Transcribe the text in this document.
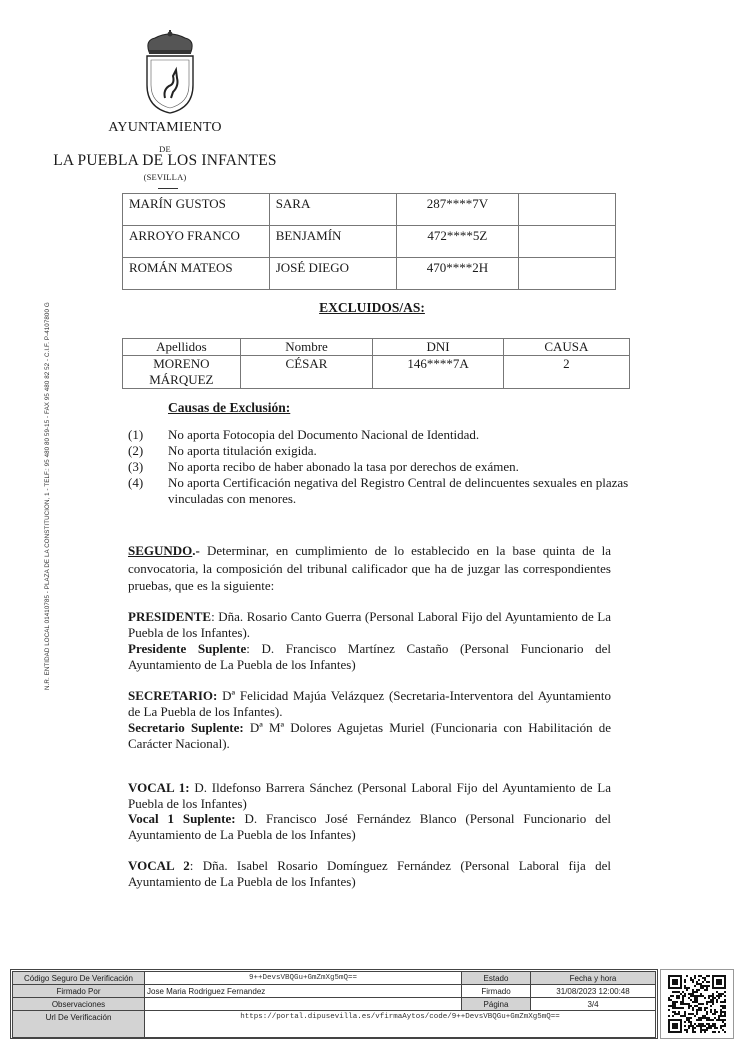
AYUNTAMIENTO
DE
LA PUEBLA DE LOS INFANTES
(SEVILLA)
N.R. ENTIDAD LOCAL 01410785 - PLAZA DE LA CONSTITUCION, 1 - TELF.: 95 480 80 59-15 - FAX 95 480 82 52 - C.I.F. P-4107800 G
MARÍN GUSTOS	SARA	287****7V	
ARROYO FRANCO	BENJAMÍN	472****5Z	
ROMÁN MATEOS	JOSÉ DIEGO	470****2H	
EXCLUIDOS/AS:
Apellidos	Nombre	DNI	CAUSA
MORENO MÁRQUEZ	CÉSAR	146****7A	2
Causas de Exclusión:
(1) No aporta Fotocopia del Documento Nacional de Identidad.
(2) No aporta titulación exigida.
(3) No aporta recibo de haber abonado la tasa por derechos de exámen.
(4) No aporta Certificación negativa del Registro Central de delincuentes sexuales en plazas vinculadas con menores.
SEGUNDO.- Determinar, en cumplimiento de lo establecido en la base quinta de la convocatoria, la composición del tribunal calificador que ha de juzgar las correspondientes pruebas, que es la siguiente:
PRESIDENTE: Dña. Rosario Canto Guerra (Personal Laboral Fijo del Ayuntamiento de La Puebla de los Infantes).
Presidente Suplente: D. Francisco Martínez Castaño (Personal Funcionario del Ayuntamiento de La Puebla de los Infantes)
SECRETARIO: Dª Felicidad Majúa Velázquez (Secretaria-Interventora del Ayuntamiento de La Puebla de los Infantes).
Secretario Suplente: Dª Mª Dolores Agujetas Muriel (Funcionaria con Habilitación de Carácter Nacional).
VOCAL 1: D. Ildefonso Barrera Sánchez (Personal Laboral Fijo del Ayuntamiento de La Puebla de los Infantes)
Vocal 1 Suplente: D. Francisco José Fernández Blanco (Personal Funcionario del Ayuntamiento de La Puebla de los Infantes)
VOCAL 2: Dña. Isabel Rosario Domínguez Fernández (Personal Laboral fija del Ayuntamiento de La Puebla de los Infantes)
Código Seguro De Verificación	9++DevsVBQGu+GmZmXg5mQ==	Estado	Fecha y hora
Firmado Por	Jose Maria Rodriguez Fernandez	Firmado	31/08/2023 12:00:48
Observaciones		Página	3/4
Url De Verificación	https://portal.dipusevilla.es/vfirmaAytos/code/9++DevsVBQGu+GmZmXg5mQ==		
